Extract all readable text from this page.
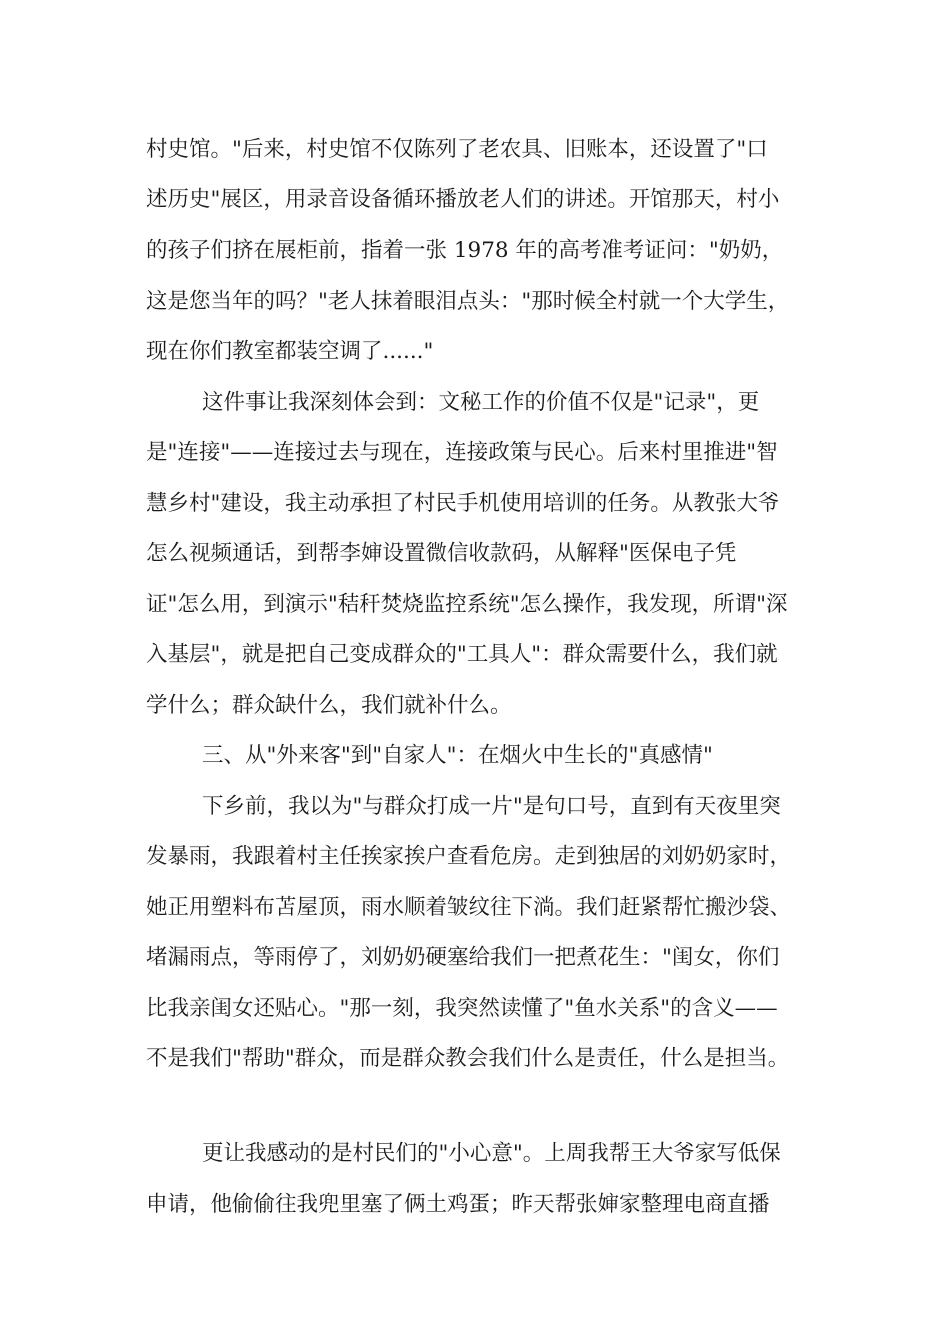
村史馆。"后来，村史馆不仅陈列了老农具、旧账本，还设置了"口

述历史"展区，用录音设备循环播放老人们的讲述。开馆那天，村小

的孩子们挤在展柜前，指着一张 1978 年的高考准考证问："奶奶，

这是您当年的吗？"老人抹着眼泪点头："那时候全村就一个大学生，

现在你们教室都装空调了......"

这件事让我深刻体会到：文秘工作的价值不仅是"记录"，更

是"连接"——连接过去与现在，连接政策与民心。后来村里推进"智

慧乡村"建设，我主动承担了村民手机使用培训的任务。从教张大爷

怎么视频通话，到帮李婶设置微信收款码，从解释"医保电子凭

证"怎么用，到演示"秸秆焚烧监控系统"怎么操作，我发现，所谓"深

入基层"，就是把自己变成群众的"工具人"：群众需要什么，我们就

学什么；群众缺什么，我们就补什么。

三、从"外来客"到"自家人"：在烟火中生长的"真感情"

下乡前，我以为"与群众打成一片"是句口号，直到有天夜里突

发暴雨，我跟着村主任挨家挨户查看危房。走到独居的刘奶奶家时，

她正用塑料布苫屋顶，雨水顺着皱纹往下淌。我们赶紧帮忙搬沙袋、

堵漏雨点，等雨停了，刘奶奶硬塞给我们一把煮花生："闺女，你们

比我亲闺女还贴心。"那一刻，我突然读懂了"鱼水关系"的含义——

不是我们"帮助"群众，而是群众教会我们什么是责任，什么是担当。

更让我感动的是村民们的"小心意"。上周我帮王大爷家写低保

申请，他偷偷往我兜里塞了俩土鸡蛋；昨天帮张婶家整理电商直播
